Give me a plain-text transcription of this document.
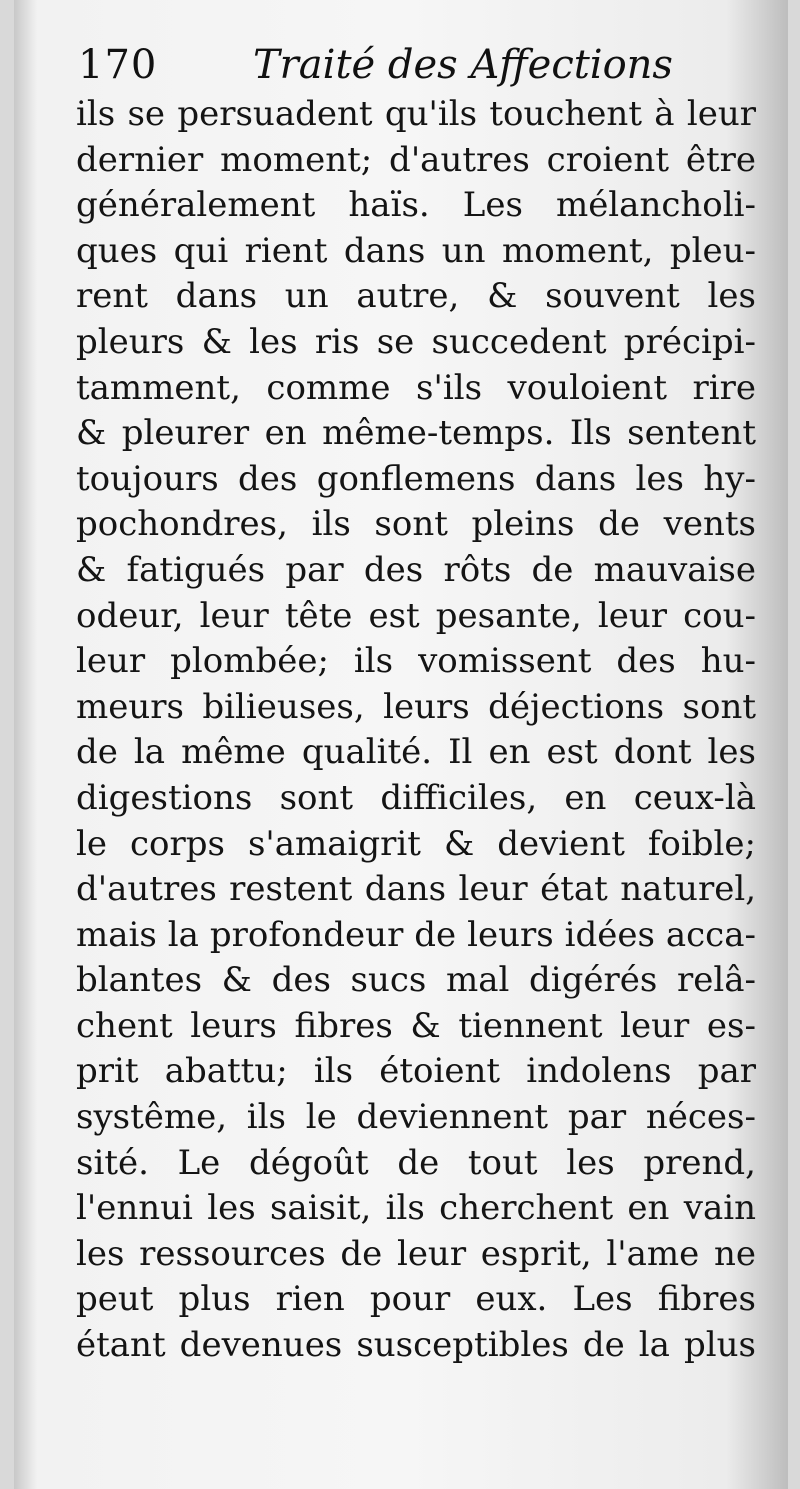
170 Traité des Affections
ils se persuadent qu'ils touchent à leur
dernier moment; d'autres croient être
généralement haïs. Les mélancholi-
ques qui rient dans un moment, pleu-
rent dans un autre, & souvent les
pleurs & les ris se succedent précipi-
tamment, comme s'ils vouloient rire
& pleurer en même-temps. Ils sentent
toujours des gonflemens dans les hy-
pochondres, ils sont pleins de vents
& fatigués par des rôts de mauvaise
odeur, leur tête est pesante, leur cou-
leur plombée; ils vomissent des hu-
meurs bilieuses, leurs déjections sont
de la même qualité. Il en est dont les
digestions sont difficiles, en ceux-là
le corps s'amaigrit & devient foible;
d'autres restent dans leur état naturel,
mais la profondeur de leurs idées acca-
blantes & des sucs mal digérés relâ-
chent leurs fibres & tiennent leur es-
prit abattu; ils étoient indolens par
systême, ils le deviennent par néces-
sité. Le dégoût de tout les prend,
l'ennui les saisit, ils cherchent en vain
les ressources de leur esprit, l'ame ne
peut plus rien pour eux. Les fibres
étant devenues susceptibles de la plus
